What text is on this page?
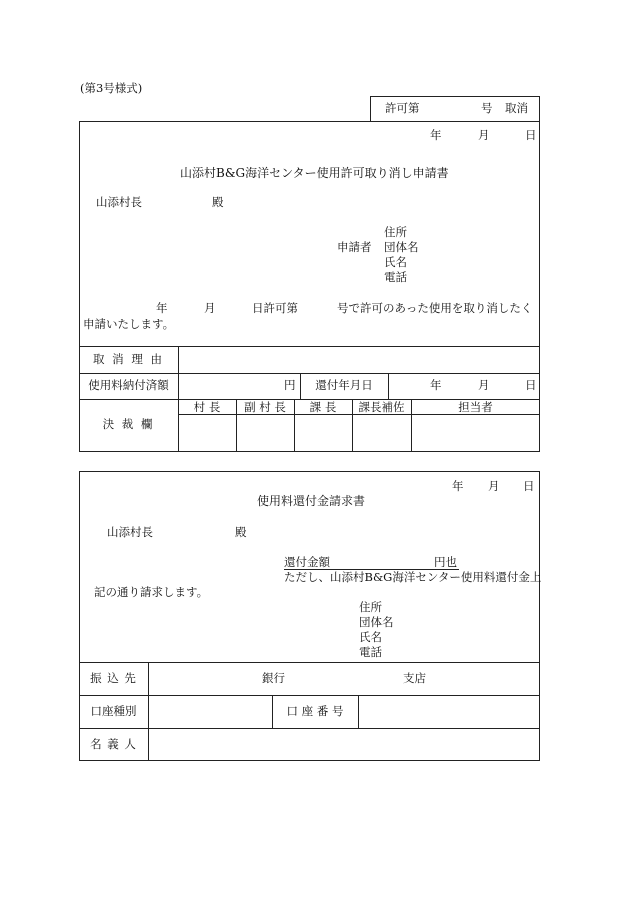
(第3号様式)
許可第	号 取消
年	月	日
山添村B&G海洋センター使用許可取り消し申請書
山添村長	殿
住所
申請者 団体名
氏名
電話
年	月	日許可第	号で許可のあった使用を取り消したく
申請いたします。
取 消 理 由
使用料納付済額	円	還付年月日	年	月	日
決 裁 欄
村 長	副 村 長	課 長	課長補佐	担当者
年 月 日
使用料還付金請求書
山添村長	殿
還付金額	円也
ただし、山添村B&G海洋センター使用料還付金上
記の通り請求します。
住所
団体名
氏名
電話
振 込 先	銀行	支店
口座種別	口 座 番 号
名 義 人
